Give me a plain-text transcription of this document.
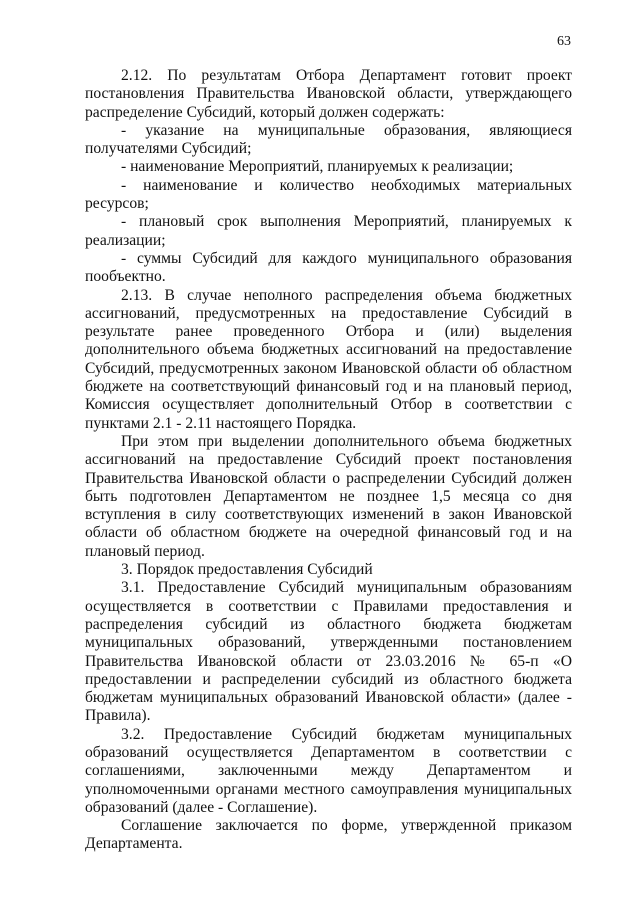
63

2.12. По результатам Отбора Департамент готовит проект постановления Правительства Ивановской области, утверждающего распределение Субсидий, который должен содержать:

- указание на муниципальные образования, являющиеся получателями Субсидий;

- наименование Мероприятий, планируемых к реализации;

- наименование и количество необходимых материальных ресурсов;

- плановый срок выполнения Мероприятий, планируемых к реализации;

- суммы Субсидий для каждого муниципального образования пообъектно.

2.13. В случае неполного распределения объема бюджетных ассигнований, предусмотренных на предоставление Субсидий в результате ранее проведенного Отбора и (или) выделения дополнительного объема бюджетных ассигнований на предоставление Субсидий, предусмотренных законом Ивановской области об областном бюджете на соответствующий финансовый год и на плановый период, Комиссия осуществляет дополнительный Отбор в соответствии с пунктами 2.1 - 2.11 настоящего Порядка.

При этом при выделении дополнительного объема бюджетных ассигнований на предоставление Субсидий проект постановления Правительства Ивановской области о распределении Субсидий должен быть подготовлен Департаментом не позднее 1,5 месяца со дня вступления в силу соответствующих изменений в закон Ивановской области об областном бюджете на очередной финансовый год и на плановый период.

3. Порядок предоставления Субсидий

3.1. Предоставление Субсидий муниципальным образованиям осуществляется в соответствии с Правилами предоставления и распределения субсидий из областного бюджета бюджетам муниципальных образований, утвержденными постановлением Правительства Ивановской области от 23.03.2016 № 65-п «О предоставлении и распределении субсидий из областного бюджета бюджетам муниципальных образований Ивановской области» (далее - Правила).

3.2. Предоставление Субсидий бюджетам муниципальных образований осуществляется Департаментом в соответствии с соглашениями, заключенными между Департаментом и уполномоченными органами местного самоуправления муниципальных образований (далее - Соглашение).

Соглашение заключается по форме, утвержденной приказом Департамента.
